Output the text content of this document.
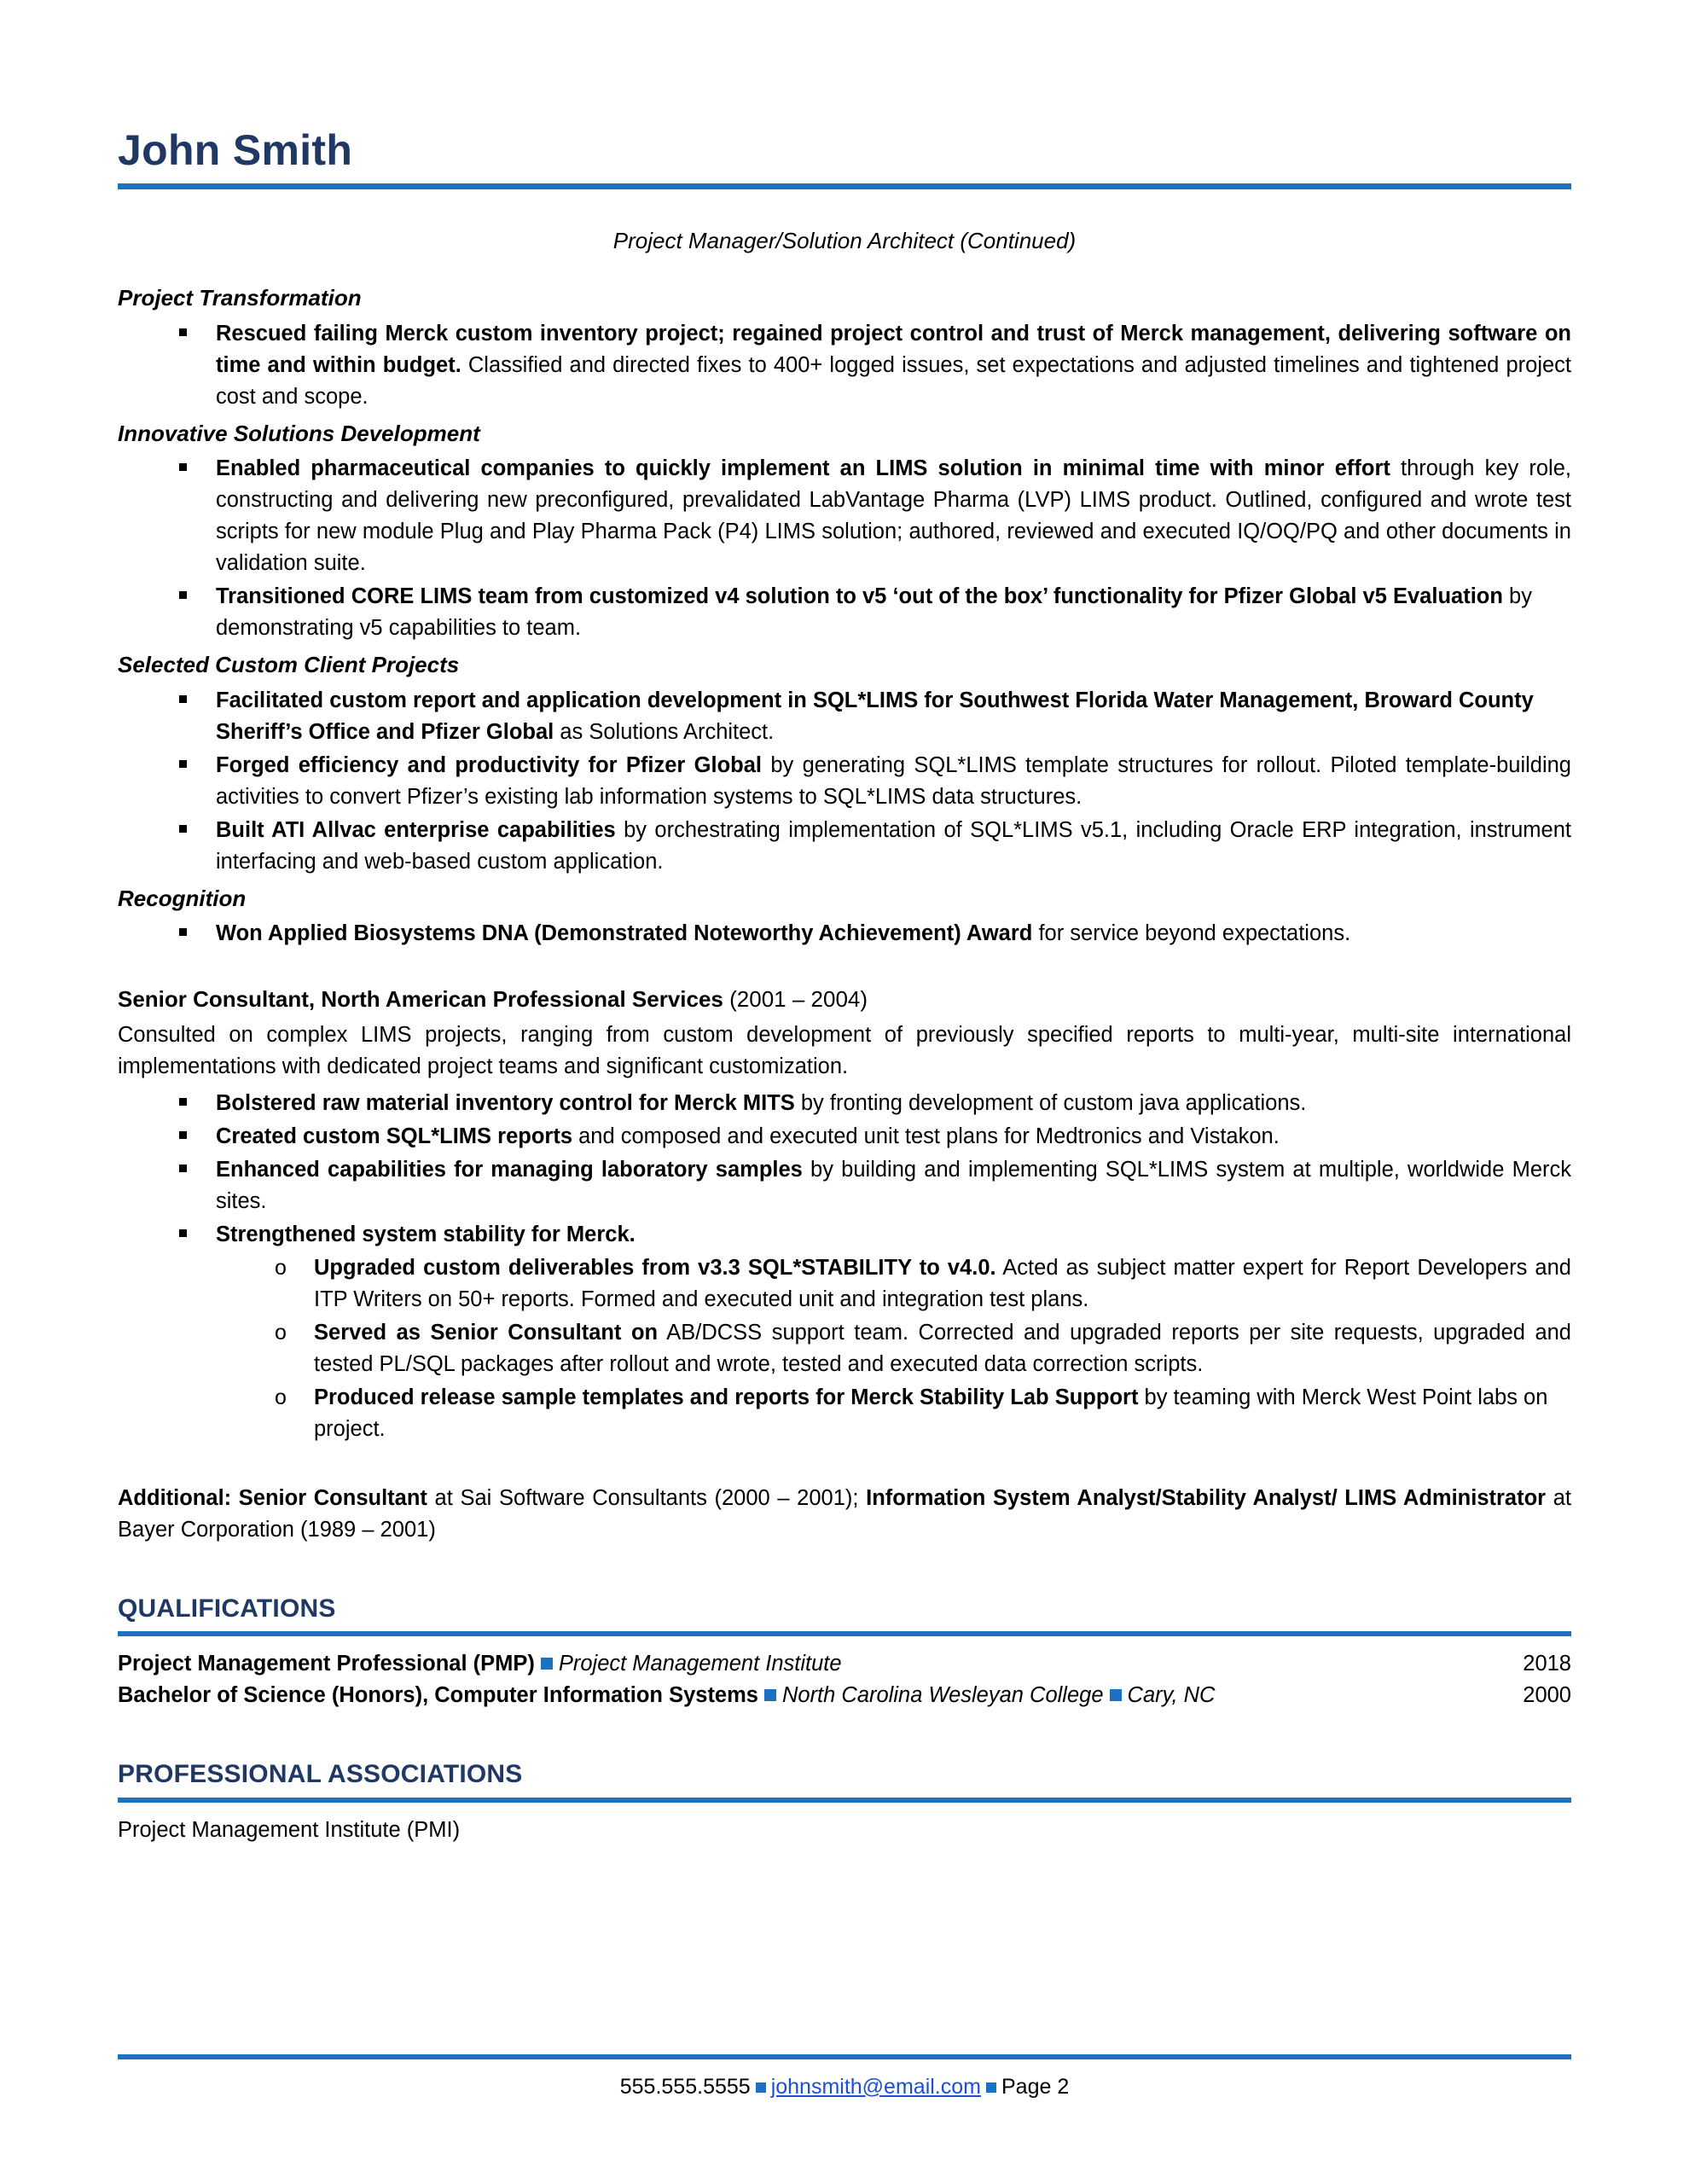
John Smith
Project Manager/Solution Architect (Continued)
Project Transformation
Rescued failing Merck custom inventory project; regained project control and trust of Merck management, delivering software on time and within budget. Classified and directed fixes to 400+ logged issues, set expectations and adjusted timelines and tightened project cost and scope.
Innovative Solutions Development
Enabled pharmaceutical companies to quickly implement an LIMS solution in minimal time with minor effort through key role, constructing and delivering new preconfigured, prevalidated LabVantage Pharma (LVP) LIMS product. Outlined, configured and wrote test scripts for new module Plug and Play Pharma Pack (P4) LIMS solution; authored, reviewed and executed IQ/OQ/PQ and other documents in validation suite.
Transitioned CORE LIMS team from customized v4 solution to v5 ‘out of the box’ functionality for Pfizer Global v5 Evaluation by demonstrating v5 capabilities to team.
Selected Custom Client Projects
Facilitated custom report and application development in SQL*LIMS for Southwest Florida Water Management, Broward County Sheriff’s Office and Pfizer Global as Solutions Architect.
Forged efficiency and productivity for Pfizer Global by generating SQL*LIMS template structures for rollout. Piloted template-building activities to convert Pfizer’s existing lab information systems to SQL*LIMS data structures.
Built ATI Allvac enterprise capabilities by orchestrating implementation of SQL*LIMS v5.1, including Oracle ERP integration, instrument interfacing and web-based custom application.
Recognition
Won Applied Biosystems DNA (Demonstrated Noteworthy Achievement) Award for service beyond expectations.
Senior Consultant, North American Professional Services (2001 – 2004)
Consulted on complex LIMS projects, ranging from custom development of previously specified reports to multi-year, multi-site international implementations with dedicated project teams and significant customization.
Bolstered raw material inventory control for Merck MITS by fronting development of custom java applications.
Created custom SQL*LIMS reports and composed and executed unit test plans for Medtronics and Vistakon.
Enhanced capabilities for managing laboratory samples by building and implementing SQL*LIMS system at multiple, worldwide Merck sites.
Strengthened system stability for Merck.
o Upgraded custom deliverables from v3.3 SQL*STABILITY to v4.0. Acted as subject matter expert for Report Developers and ITP Writers on 50+ reports. Formed and executed unit and integration test plans.
o Served as Senior Consultant on AB/DCSS support team. Corrected and upgraded reports per site requests, upgraded and tested PL/SQL packages after rollout and wrote, tested and executed data correction scripts.
o Produced release sample templates and reports for Merck Stability Lab Support by teaming with Merck West Point labs on project.
Additional: Senior Consultant at Sai Software Consultants (2000 – 2001); Information System Analyst/Stability Analyst/ LIMS Administrator at Bayer Corporation (1989 – 2001)
QUALIFICATIONS
Project Management Professional (PMP) Project Management Institute	2018
Bachelor of Science (Honors), Computer Information Systems North Carolina Wesleyan College Cary, NC	2000
PROFESSIONAL ASSOCIATIONS
Project Management Institute (PMI)
555.555.5555 johnsmith@email.com Page 2
